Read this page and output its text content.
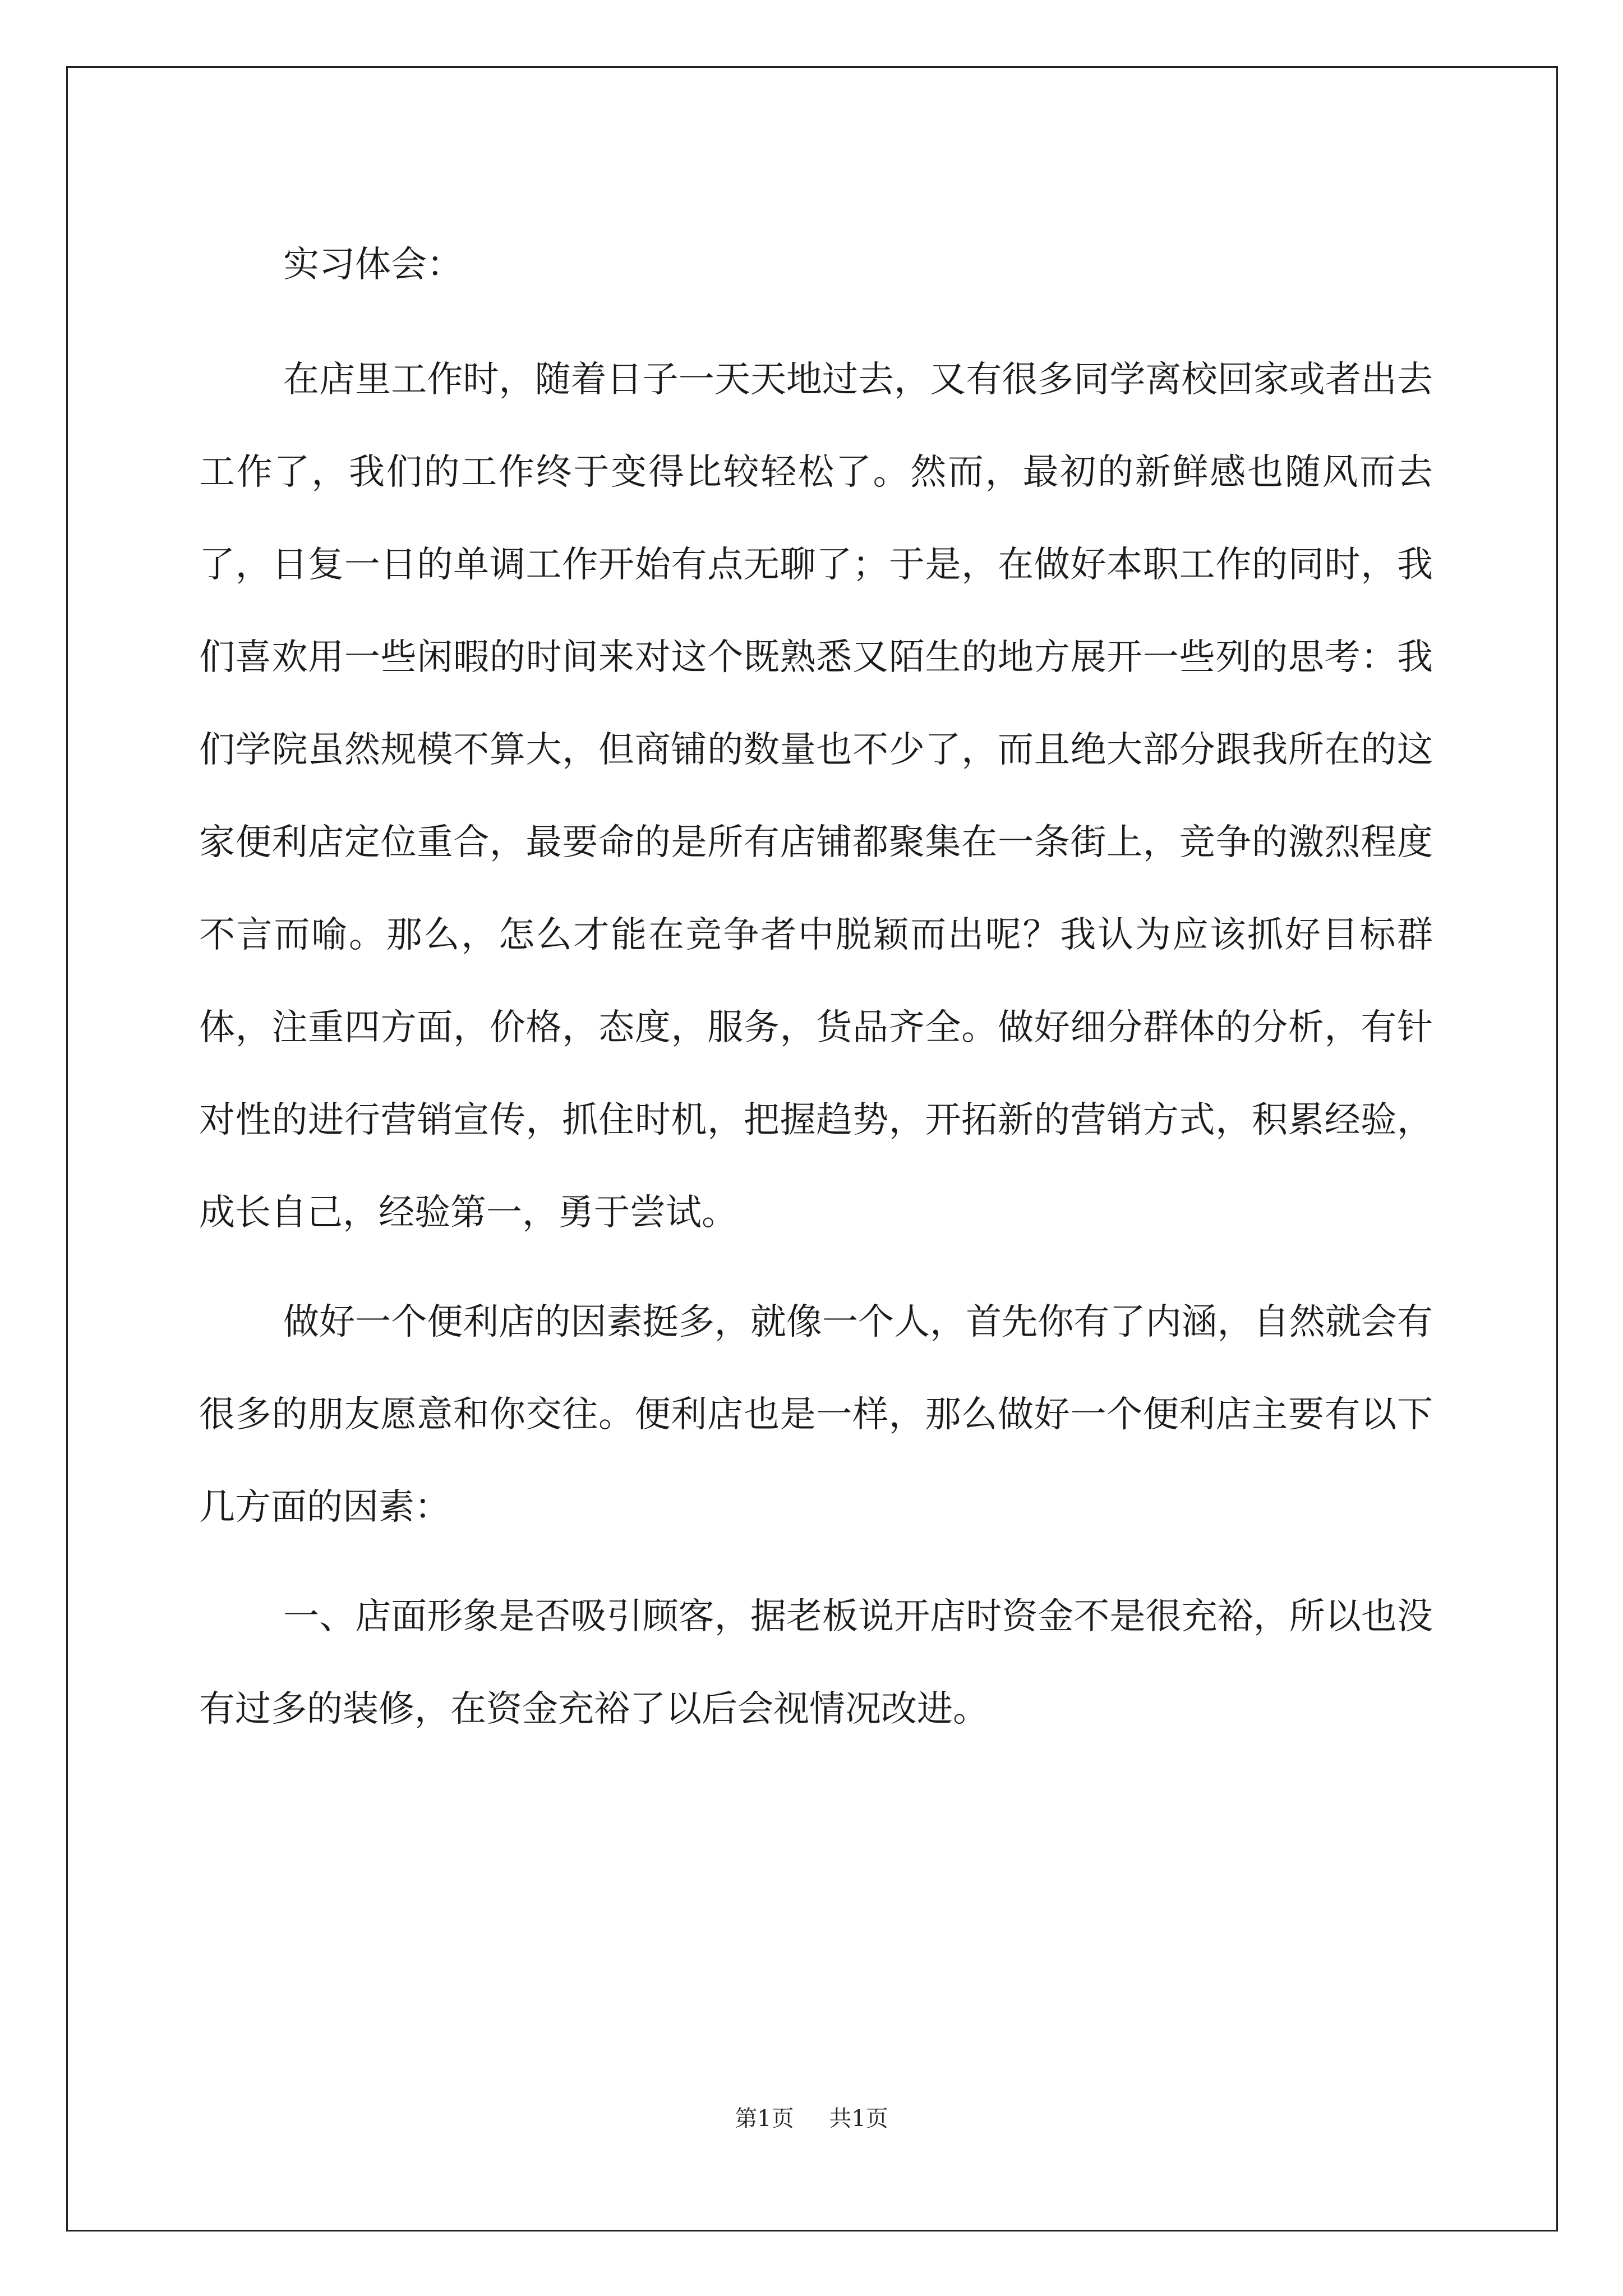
实习体会：

在店里工作时，随着日子一天天地过去，又有很多同学离校回家或者出去工作了，我们的工作终于变得比较轻松了。然而，最初的新鲜感也随风而去了，日复一日的单调工作开始有点无聊了；于是，在做好本职工作的同时，我们喜欢用一些闲暇的时间来对这个既熟悉又陌生的地方展开一些列的思考：我们学院虽然规模不算大，但商铺的数量也不少了，而且绝大部分跟我所在的这家便利店定位重合，最要命的是所有店铺都聚集在一条街上，竞争的激烈程度不言而喻。那么，怎么才能在竞争者中脱颖而出呢？我认为应该抓好目标群体，注重四方面，价格，态度，服务，货品齐全。做好细分群体的分析，有针对性的进行营销宣传，抓住时机，把握趋势，开拓新的营销方式，积累经验，成长自己，经验第一，勇于尝试。

做好一个便利店的因素挺多，就像一个人，首先你有了内涵，自然就会有很多的朋友愿意和你交往。便利店也是一样，那么做好一个便利店主要有以下几方面的因素：

一、店面形象是否吸引顾客，据老板说开店时资金不是很充裕，所以也没有过多的装修，在资金充裕了以后会视情况改进。

第1页 共1页
